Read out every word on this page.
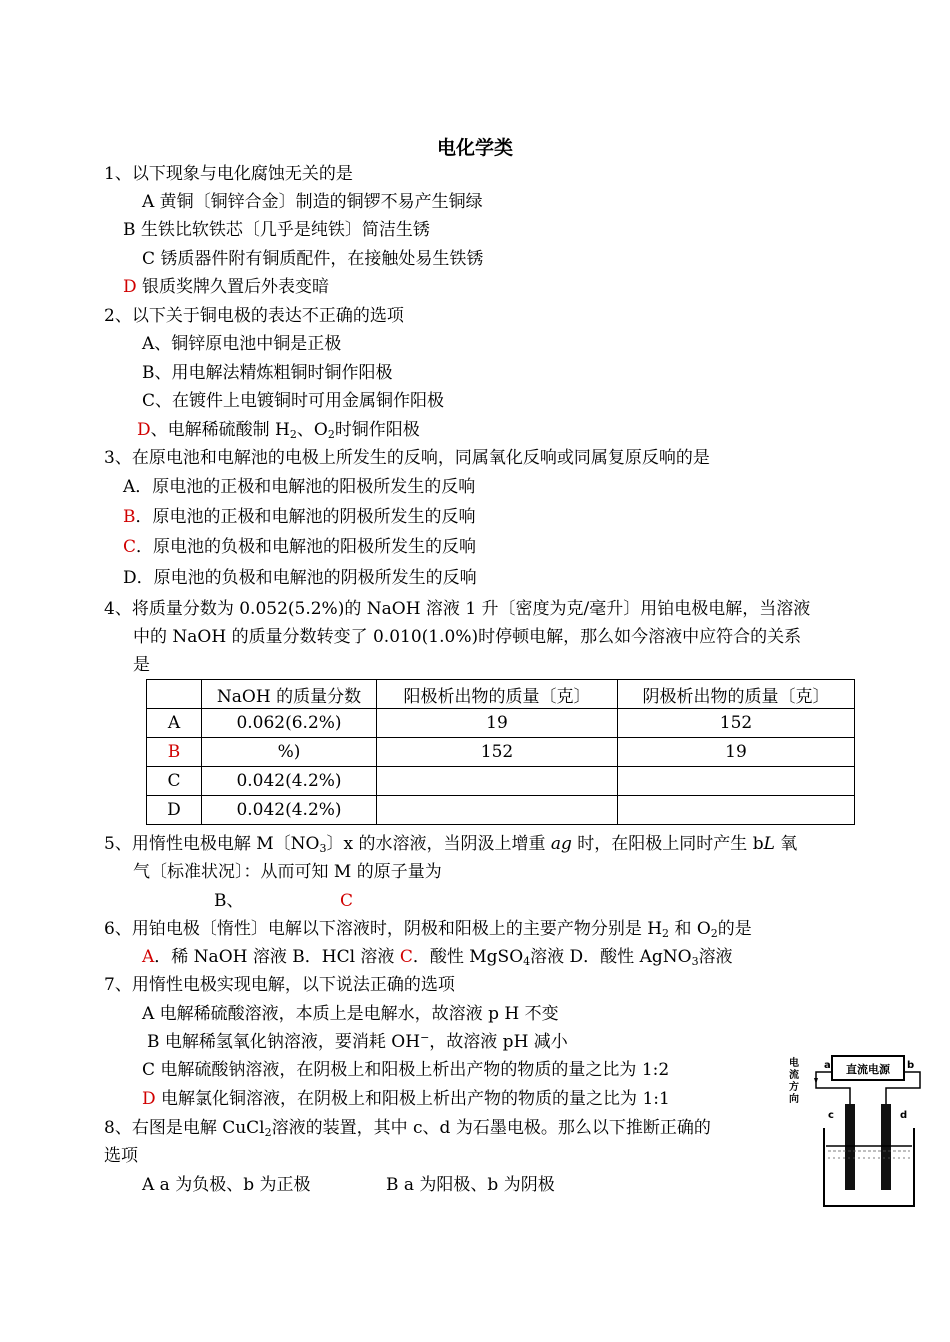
电化学类
1、以下现象与电化腐蚀无关的是
A 黄铜〔铜锌合金〕制造的铜锣不易产生铜绿
B 生铁比软铁芯〔几乎是纯铁〕简洁生锈
C 锈质器件附有铜质配件，在接触处易生铁锈
D 银质奖牌久置后外表变暗
2、以下关于铜电极的表达不正确的选项
A、铜锌原电池中铜是正极
B、用电解法精炼粗铜时铜作阳极
C、在镀件上电镀铜时可用金属铜作阳极
D、电解稀硫酸制 $H_2$、$O_2$时铜作阳极
3、在原电池和电解池的电极上所发生的反响，同属氧化反响或同属复原反响的是
A．原电池的正极和电解池的阳极所发生的反响
B．原电池的正极和电解池的阴极所发生的反响
C．原电池的负极和电解池的阳极所发生的反响
D．原电池的负极和电解池的阴极所发生的反响
4、将质量分数为 0.052(5.2%)的 NaOH 溶液 1 升〔密度为克/毫升〕用铂电极电解，当溶液
中的 NaOH 的质量分数转变了 0.010(1.0%)时停顿电解，那么如今溶液中应符合的关系
是
	NaOH 的质量分数	阳极析出物的质量〔克〕	阴极析出物的质量〔克〕
A	0.062(6.2%)	19	152
B	%)	152	19
C	0.042(4.2%)		
D	0.042(4.2%)		
5、用惰性电极电解 M〔$NO_3$〕x 的水溶液，当阴汲上增重 ag 时，在阳极上同时产生 bL 氧
气〔标准状况〕：从而可知 M 的原子量为
B、	C
6、用铂电极〔惰性〕电解以下溶液时，阴极和阳极上的主要产物分别是 $H_2$ 和 $O_2$的是
A．稀 NaOH 溶液 B．HCl 溶液 C．酸性 MgSO$_4$溶液 D．酸性 AgNO$_3$溶液
7、用惰性电极实现电解，以下说法正确的选项
A 电解稀硫酸溶液，本质上是电解水，故溶液 p H 不变
B 电解稀氢氧化钠溶液，要消耗 OH−，故溶液 pH 减小
C 电解硫酸钠溶液，在阴极上和阳极上析出产物的物质的量之比为 1:2
D 电解氯化铜溶液，在阴极上和阳极上析出产物的物质的量之比为 1:1
8、右图是电解 CuCl$_2$溶液的装置，其中 c、d 为石墨电极。那么以下推断正确的
选项
A a 为负极、b 为正极	B a 为阳极、b 为阴极
电
流
方
向
直流电源
a	b
c	d
